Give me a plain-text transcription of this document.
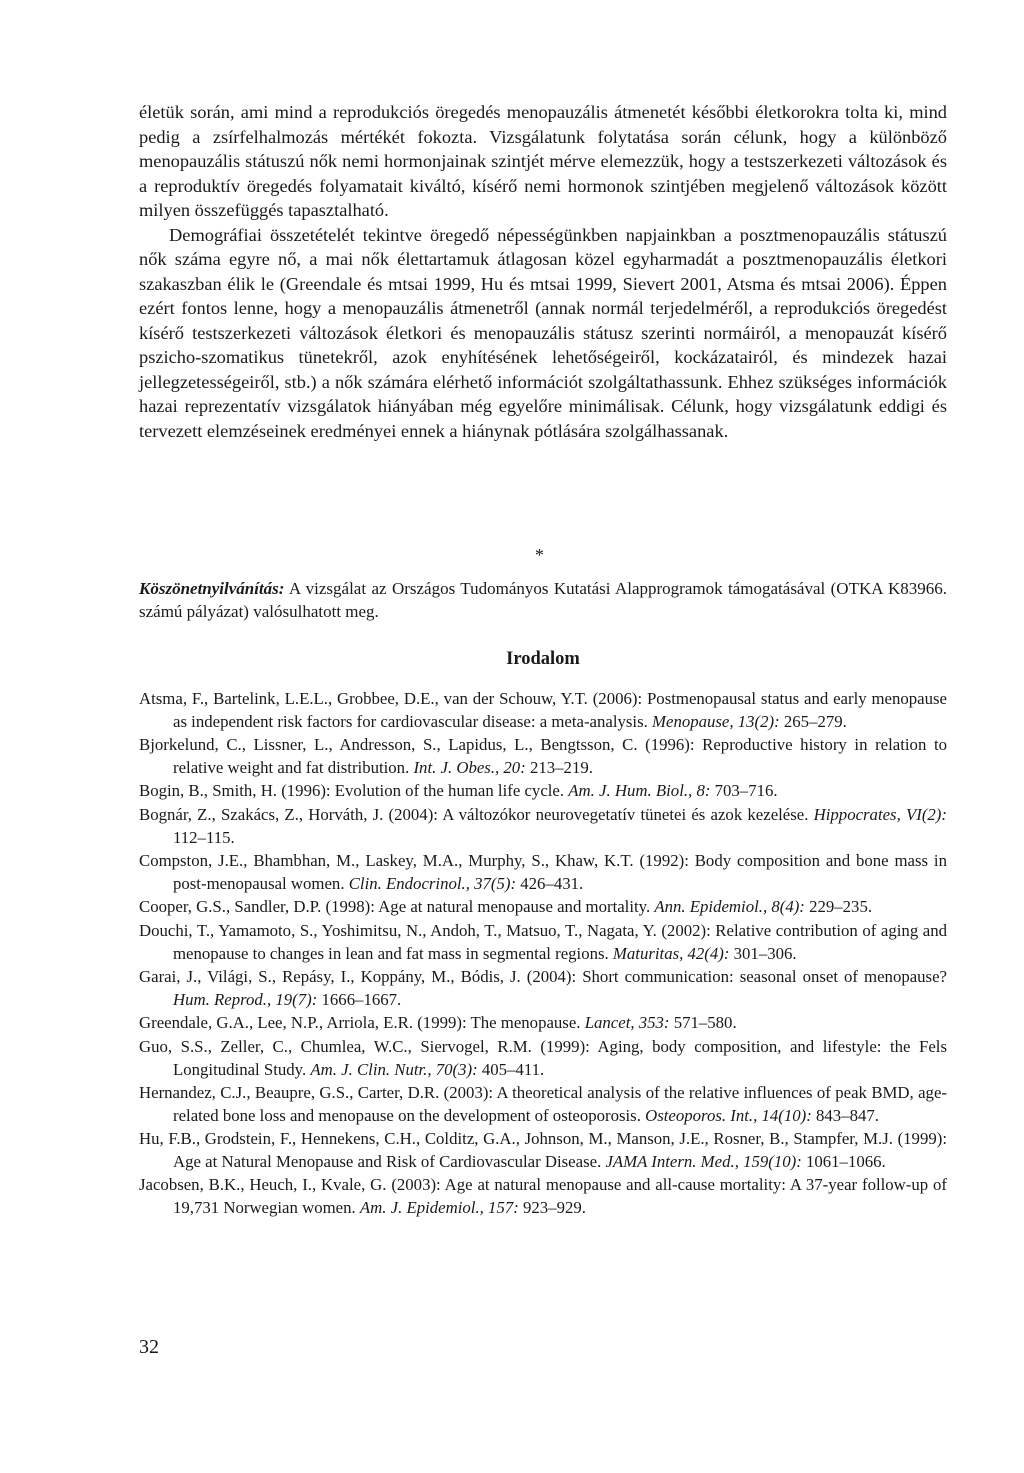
életük során, ami mind a reprodukciós öregedés menopauzális átmenetét későbbi életkorokra tolta ki, mind pedig a zsírfelhalmozás mértékét fokozta. Vizsgálatunk folytatása során célunk, hogy a különböző menopauzális státuszú nők nemi hormonjainak szintjét mérve elemezzük, hogy a testszerkezeti változások és a reproduktív öregedés folyamatait kiváltó, kísérő nemi hormonok szintjében megjelenő változások között milyen összefüggés tapasztalható.

Demográfiai összetételét tekintve öregedő népességünkben napjainkban a posztmenopauzális státuszú nők száma egyre nő, a mai nők élettartamuk átlagosan közel egyharmadát a posztmenopauzális életkori szakaszban élik le (Greendale és mtsai 1999, Hu és mtsai 1999, Sievert 2001, Atsma és mtsai 2006). Éppen ezért fontos lenne, hogy a menopauzális átmenetről (annak normál terjedelméről, a reprodukciós öregedést kísérő testszerkezeti változások életkori és menopauzális státusz szerinti normáiról, a menopauzát kísérő pszicho-szomatikus tünetekről, azok enyhítésének lehetőségeiről, kockázatairól, és mindezek hazai jellegzetességeiről, stb.) a nők számára elérhető információt szolgáltathassunk. Ehhez szükséges információk hazai reprezentatív vizsgálatok hiányában még egyelőre minimálisak. Célunk, hogy vizsgálatunk eddigi és tervezett elemzéseinek eredményei ennek a hiánynak pótlására szolgálhassanak.

*

Köszönetnyilvánítás: A vizsgálat az Országos Tudományos Kutatási Alapprogramok támogatásával (OTKA K83966. számú pályázat) valósulhatott meg.

Irodalom

Atsma, F., Bartelink, L.E.L., Grobbee, D.E., van der Schouw, Y.T. (2006): Postmenopausal status and early menopause as independent risk factors for cardiovascular disease: a meta-analysis. Menopause, 13(2): 265–279.

Bjorkelund, C., Lissner, L., Andresson, S., Lapidus, L., Bengtsson, C. (1996): Reproductive history in relation to relative weight and fat distribution. Int. J. Obes., 20: 213–219.

Bogin, B., Smith, H. (1996): Evolution of the human life cycle. Am. J. Hum. Biol., 8: 703–716.

Bognár, Z., Szakács, Z., Horváth, J. (2004): A változókor neurovegetatív tünetei és azok kezelése. Hippocrates, VI(2): 112–115.

Compston, J.E., Bhambhan, M., Laskey, M.A., Murphy, S., Khaw, K.T. (1992): Body composition and bone mass in post-menopausal women. Clin. Endocrinol., 37(5): 426–431.

Cooper, G.S., Sandler, D.P. (1998): Age at natural menopause and mortality. Ann. Epidemiol., 8(4): 229–235.

Douchi, T., Yamamoto, S., Yoshimitsu, N., Andoh, T., Matsuo, T., Nagata, Y. (2002): Relative contribution of aging and menopause to changes in lean and fat mass in segmental regions. Maturitas, 42(4): 301–306.

Garai, J., Világi, S., Repásy, I., Koppány, M., Bódis, J. (2004): Short communication: seasonal onset of menopause? Hum. Reprod., 19(7): 1666–1667.

Greendale, G.A., Lee, N.P., Arriola, E.R. (1999): The menopause. Lancet, 353: 571–580.

Guo, S.S., Zeller, C., Chumlea, W.C., Siervogel, R.M. (1999): Aging, body composition, and lifestyle: the Fels Longitudinal Study. Am. J. Clin. Nutr., 70(3): 405–411.

Hernandez, C.J., Beaupre, G.S., Carter, D.R. (2003): A theoretical analysis of the relative influences of peak BMD, age-related bone loss and menopause on the development of osteoporosis. Osteoporos. Int., 14(10): 843–847.

Hu, F.B., Grodstein, F., Hennekens, C.H., Colditz, G.A., Johnson, M., Manson, J.E., Rosner, B., Stampfer, M.J. (1999): Age at Natural Menopause and Risk of Cardiovascular Disease. JAMA Intern. Med., 159(10): 1061–1066.

Jacobsen, B.K., Heuch, I., Kvale, G. (2003): Age at natural menopause and all-cause mortality: A 37-year follow-up of 19,731 Norwegian women. Am. J. Epidemiol., 157: 923–929.

32
